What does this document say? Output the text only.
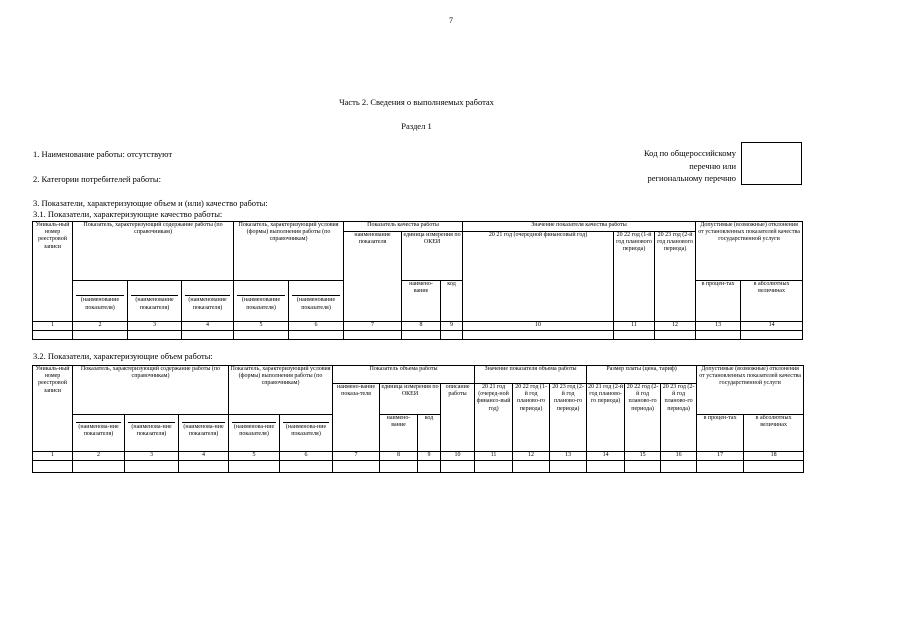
7
Часть 2. Сведения о выполняемых работах
Раздел 1
1. Наименование работы: отсутствуют
2. Категории потребителей работы:
Код по общероссийскому
перечню или
региональному перечню
3. Показатели, характеризующие объем и (или) качество работы:
3.1. Показатели, характеризующие качество работы:
Уникаль-ный номер реестровой записи	Показатель, характеризующий содержание работы (по справочникам)			Показатель, характеризующий условия (формы) выполнения работы (по справочникам)		Показатель качества работы			Значение показателя качества работы			Допустимые (возможные) отклонения от установленных показателей качества государственной услуги	
						наименование показателя	единица измерения по ОКЕИ		20 21 год (очередной финансовый год)	20 22 год (1-й год планового периода)	20 23 год (2-й год планового периода)		

	(наименование показателя)	(наименование показателя)	(наименование показателя)	(наименование показателя)	(наименование показателя)		наимено-вание	код				в процен-тах	в абсолютных величинах
1	2	3	4	5	6	7	8	9	10	11	12	13	14

3.2. Показатели, характеризующие объем работы:
Уникаль-ный номер реестровой записи	Показатель, характеризующий содержание работы (по справочникам)			Показатель, характеризующий условия (формы) выполнения работы (по справочникам)		Показатель объема работы				Значение показателя объема работы			Размер платы (цена, тариф)			Допустимые (возможные) отклонения от установленных показателей качества государственной услуги	
						наимено-вание показа-теля	единица измерения по ОКЕИ		описание работы	20 21 год (очеред-ной финансо-вый год)	20 22 год (1-й год планово-го периода)	20 23 год (2-й год планово-го периода)	20 21 год (2-й год планово-го периода)	20 22 год (2-й год планово-го периода)	20 23 год (2-й год планово-го периода)		

	(наименова-ние показателя)	(наименова-ние показателя)	(наименова-ние показателя)	(наименова-ние показателя)	(наименова-ние показателя)		наимено-вание	код								в процен-тах	в абсолютных величинах
1	2	3	4	5	6	7	8	9	10	11	12	13	14	15	16	17	18
